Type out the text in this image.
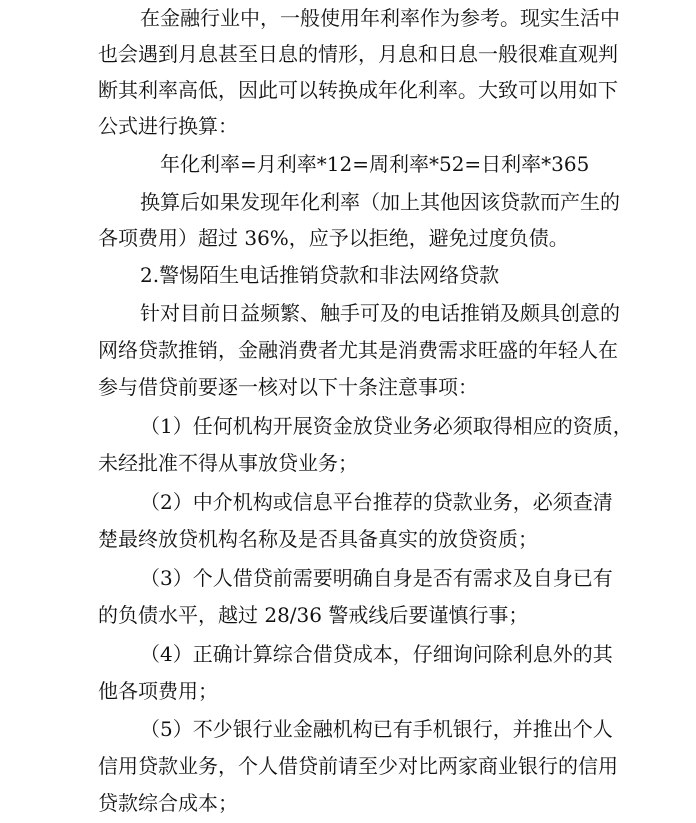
在金融行业中，一般使用年利率作为参考。现实生活中
也会遇到月息甚至日息的情形，月息和日息一般很难直观判
断其利率高低，因此可以转换成年化利率。大致可以用如下
公式进行换算：
年化利率=月利率*12=周利率*52=日利率*365
换算后如果发现年化利率（加上其他因该贷款而产生的
各项费用）超过 36%，应予以拒绝，避免过度负债。
2.警惕陌生电话推销贷款和非法网络贷款
针对目前日益频繁、触手可及的电话推销及颇具创意的
网络贷款推销，金融消费者尤其是消费需求旺盛的年轻人在
参与借贷前要逐一核对以下十条注意事项：
（1）任何机构开展资金放贷业务必须取得相应的资质，
未经批准不得从事放贷业务；
（2）中介机构或信息平台推荐的贷款业务，必须查清
楚最终放贷机构名称及是否具备真实的放贷资质；
（3）个人借贷前需要明确自身是否有需求及自身已有
的负债水平，越过 28/36 警戒线后要谨慎行事；
（4）正确计算综合借贷成本，仔细询问除利息外的其
他各项费用；
（5）不少银行业金融机构已有手机银行，并推出个人
信用贷款业务，个人借贷前请至少对比两家商业银行的信用
贷款综合成本；
